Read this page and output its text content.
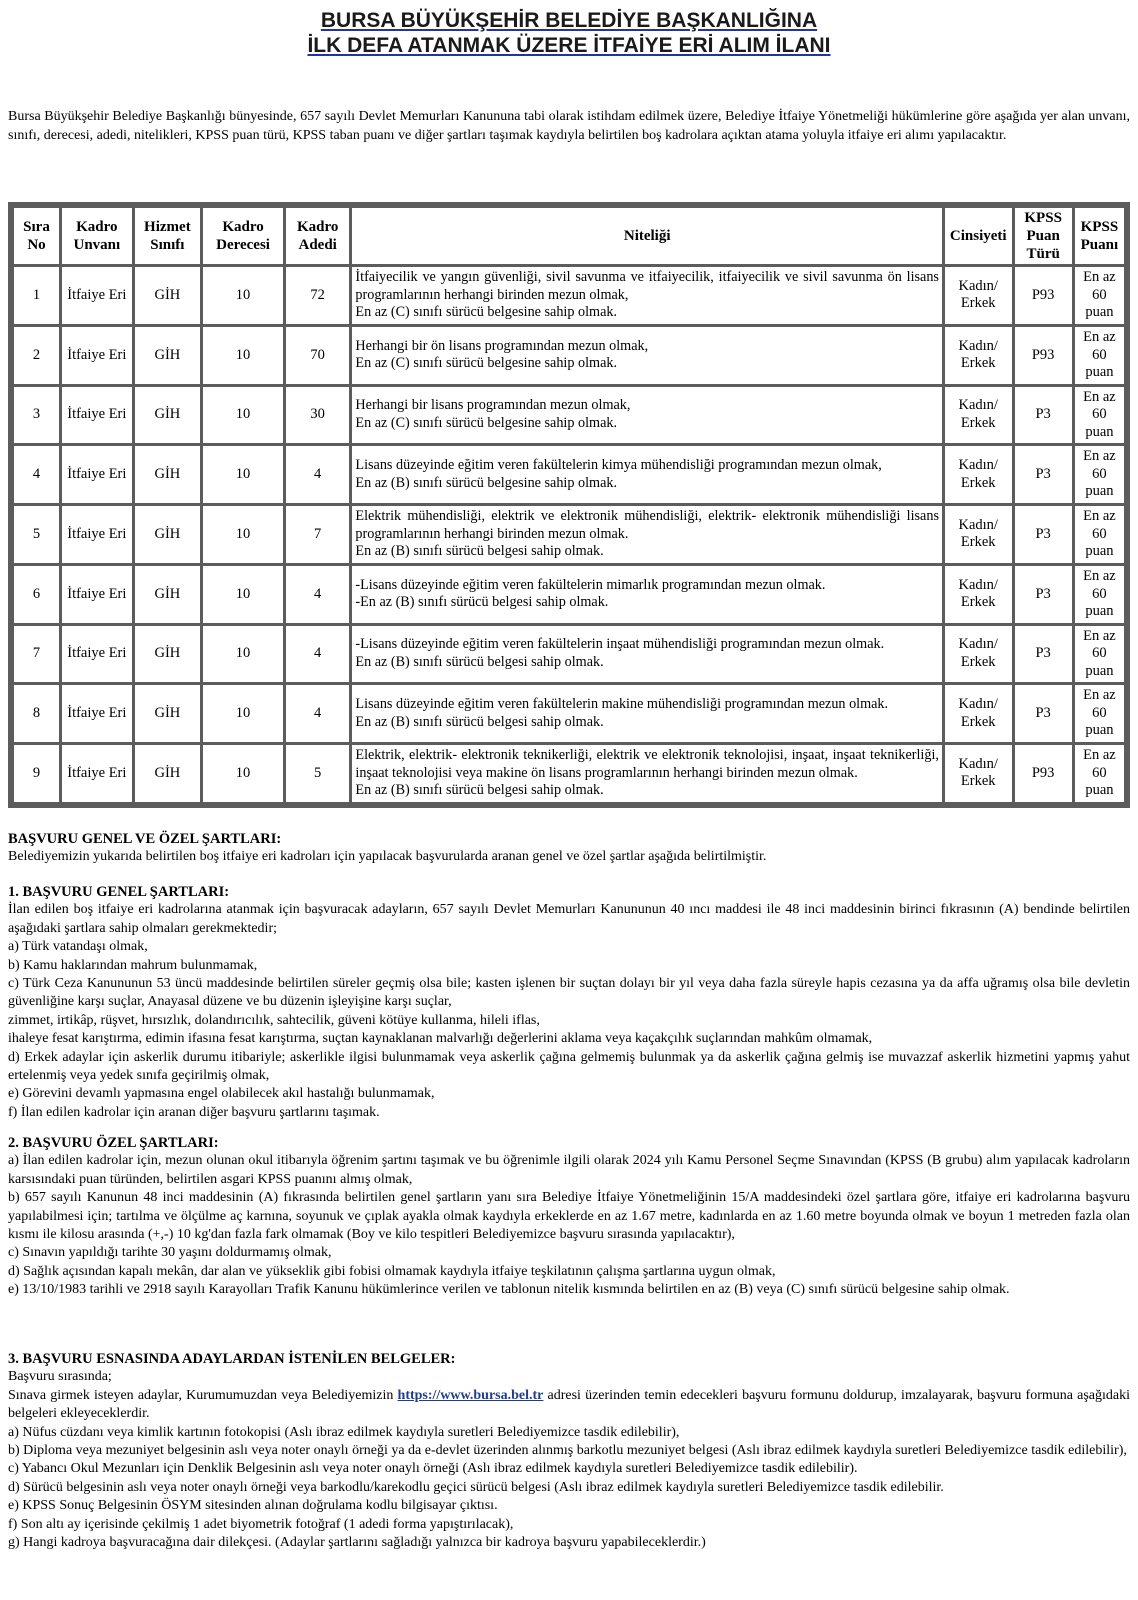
BURSA BÜYÜKŞEHİR BELEDİYE BAŞKANLIĞINA
İLK DEFA ATANMAK ÜZERE İTFAİYE ERİ ALIM İLANI
Bursa Büyükşehir Belediye Başkanlığı bünyesinde, 657 sayılı Devlet Memurları Kanununa tabi olarak istihdam edilmek üzere, Belediye İtfaiye Yönetmeliği hükümlerine göre aşağıda yer alan unvanı, sınıfı, derecesi, adedi, nitelikleri, KPSS puan türü, KPSS taban puanı ve diğer şartları taşımak kaydıyla belirtilen boş kadrolara açıktan atama yoluyla itfaiye eri alımı yapılacaktır.
Sıra No	Kadro Unvanı	Hizmet Sınıfı	Kadro Derecesi	Kadro Adedi	Niteliği	Cinsiyeti	KPSS Puan Türü	KPSS Puanı
1	İtfaiye Eri	GİH	10	72	İtfaiyecilik ve yangın güvenliği, sivil savunma ve itfaiyecilik, itfaiyecilik ve sivil savunma ön lisans programlarının herhangi birinden mezun olmak,
En az (C) sınıfı sürücü belgesine sahip olmak.	Kadın/ Erkek	P93	En az 60 puan
2	İtfaiye Eri	GİH	10	70	Herhangi bir ön lisans programından mezun olmak,
En az (C) sınıfı sürücü belgesine sahip olmak.	Kadın/ Erkek	P93	En az 60 puan
3	İtfaiye Eri	GİH	10	30	Herhangi bir lisans programından mezun olmak,
En az (C) sınıfı sürücü belgesine sahip olmak.	Kadın/ Erkek	P3	En az 60 puan
4	İtfaiye Eri	GİH	10	4	Lisans düzeyinde eğitim veren fakültelerin kimya mühendisliği programından mezun olmak,
En az (B) sınıfı sürücü belgesine sahip olmak.	Kadın/ Erkek	P3	En az 60 puan
5	İtfaiye Eri	GİH	10	7	Elektrik mühendisliği, elektrik ve elektronik mühendisliği, elektrik- elektronik mühendisliği lisans programlarının herhangi birinden mezun olmak.
En az (B) sınıfı sürücü belgesi sahip olmak.	Kadın/ Erkek	P3	En az 60 puan
6	İtfaiye Eri	GİH	10	4	-Lisans düzeyinde eğitim veren fakültelerin mimarlık programından mezun olmak.
-En az (B) sınıfı sürücü belgesi sahip olmak.	Kadın/ Erkek	P3	En az 60 puan
7	İtfaiye Eri	GİH	10	4	-Lisans düzeyinde eğitim veren fakültelerin inşaat mühendisliği programından mezun olmak.
En az (B) sınıfı sürücü belgesi sahip olmak.	Kadın/ Erkek	P3	En az 60 puan
8	İtfaiye Eri	GİH	10	4	Lisans düzeyinde eğitim veren fakültelerin makine mühendisliği programından mezun olmak.
En az (B) sınıfı sürücü belgesi sahip olmak.	Kadın/ Erkek	P3	En az 60 puan
9	İtfaiye Eri	GİH	10	5	Elektrik, elektrik- elektronik teknikerliği, elektrik ve elektronik teknolojisi, inşaat, inşaat teknikerliği, inşaat teknolojisi veya makine ön lisans programlarının herhangi birinden mezun olmak.
En az (B) sınıfı sürücü belgesi sahip olmak.	Kadın/ Erkek	P93	En az 60 puan
BAŞVURU GENEL VE ÖZEL ŞARTLARI:

Belediyemizin yukarıda belirtilen boş itfaiye eri kadroları için yapılacak başvurularda aranan genel ve özel şartlar aşağıda belirtilmiştir.

1. BAŞVURU GENEL ŞARTLARI:

İlan edilen boş itfaiye eri kadrolarına atanmak için başvuracak adayların, 657 sayılı Devlet Memurları Kanununun 40 ıncı maddesi ile 48 inci maddesinin birinci fıkrasının (A) bendinde belirtilen aşağıdaki şartlara sahip olmaları gerekmektedir;

a) Türk vatandaşı olmak,

b) Kamu haklarından mahrum bulunmamak,

c) Türk Ceza Kanununun 53 üncü maddesinde belirtilen süreler geçmiş olsa bile; kasten işlenen bir suçtan dolayı bir yıl veya daha fazla süreyle hapis cezasına ya da affa uğramış olsa bile devletin güvenliğine karşı suçlar, Anayasal düzene ve bu düzenin işleyişine karşı suçlar,

zimmet, irtikâp, rüşvet, hırsızlık, dolandırıcılık, sahtecilik, güveni kötüye kullanma, hileli iflas,

ihaleye fesat karıştırma, edimin ifasına fesat karıştırma, suçtan kaynaklanan malvarlığı değerlerini aklama veya kaçakçılık suçlarından mahkûm olmamak,

d) Erkek adaylar için askerlik durumu itibariyle; askerlikle ilgisi bulunmamak veya askerlik çağına gelmemiş bulunmak ya da askerlik çağına gelmiş ise muvazzaf askerlik hizmetini yapmış yahut ertelenmiş veya yedek sınıfa geçirilmiş olmak,

e) Görevini devamlı yapmasına engel olabilecek akıl hastalığı bulunmamak,

f) İlan edilen kadrolar için aranan diğer başvuru şartlarını taşımak.

2. BAŞVURU ÖZEL ŞARTLARI:

a) İlan edilen kadrolar için, mezun olunan okul itibarıyla öğrenim şartını taşımak ve bu öğrenimle ilgili olarak 2024 yılı Kamu Personel Seçme Sınavından (KPSS (B grubu) alım yapılacak kadroların karsısındaki puan türünden, belirtilen asgari KPSS puanını almış olmak,

b) 657 sayılı Kanunun 48 inci maddesinin (A) fıkrasında belirtilen genel şartların yanı sıra Belediye İtfaiye Yönetmeliğinin 15/A maddesindeki özel şartlara göre, itfaiye eri kadrolarına başvuru yapılabilmesi için; tartılma ve ölçülme aç karnına, soyunuk ve çıplak ayakla olmak kaydıyla erkeklerde en az 1.67 metre, kadınlarda en az 1.60 metre boyunda olmak ve boyun 1 metreden fazla olan kısmı ile kilosu arasında (+,-) 10 kg'dan fazla fark olmamak (Boy ve kilo tespitleri Belediyemizce başvuru sırasında yapılacaktır),

c) Sınavın yapıldığı tarihte 30 yaşını doldurmamış olmak,

d) Sağlık açısından kapalı mekân, dar alan ve yükseklik gibi fobisi olmamak kaydıyla itfaiye teşkilatının çalışma şartlarına uygun olmak,

e) 13/10/1983 tarihli ve 2918 sayılı Karayolları Trafik Kanunu hükümlerince verilen ve tablonun nitelik kısmında belirtilen en az (B) veya (C) sınıfı sürücü belgesine sahip olmak.

3. BAŞVURU ESNASINDA ADAYLARDAN İSTENİLEN BELGELER:

Başvuru sırasında;

Sınava girmek isteyen adaylar, Kurumumuzdan veya Belediyemizin https://www.bursa.bel.tr adresi üzerinden temin edecekleri başvuru formunu doldurup, imzalayarak, başvuru formuna aşağıdaki belgeleri ekleyeceklerdir.

a) Nüfus cüzdanı veya kimlik kartının fotokopisi (Aslı ibraz edilmek kaydıyla suretleri Belediyemizce tasdik edilebilir),

b) Diploma veya mezuniyet belgesinin aslı veya noter onaylı örneği ya da e-devlet üzerinden alınmış barkotlu mezuniyet belgesi (Aslı ibraz edilmek kaydıyla suretleri Belediyemizce tasdik edilebilir),

c) Yabancı Okul Mezunları için Denklik Belgesinin aslı veya noter onaylı örneği (Aslı ibraz edilmek kaydıyla suretleri Belediyemizce tasdik edilebilir).

d) Sürücü belgesinin aslı veya noter onaylı örneği veya barkodlu/karekodlu geçici sürücü belgesi (Aslı ibraz edilmek kaydıyla suretleri Belediyemizce tasdik edilebilir.

e) KPSS Sonuç Belgesinin ÖSYM sitesinden alınan doğrulama kodlu bilgisayar çıktısı.

f) Son altı ay içerisinde çekilmiş 1 adet biyometrik fotoğraf (1 adedi forma yapıştırılacak),

g) Hangi kadroya başvuracağına dair dilekçesi. (Adaylar şartlarını sağladığı yalnızca bir kadroya başvuru yapabileceklerdir.)
